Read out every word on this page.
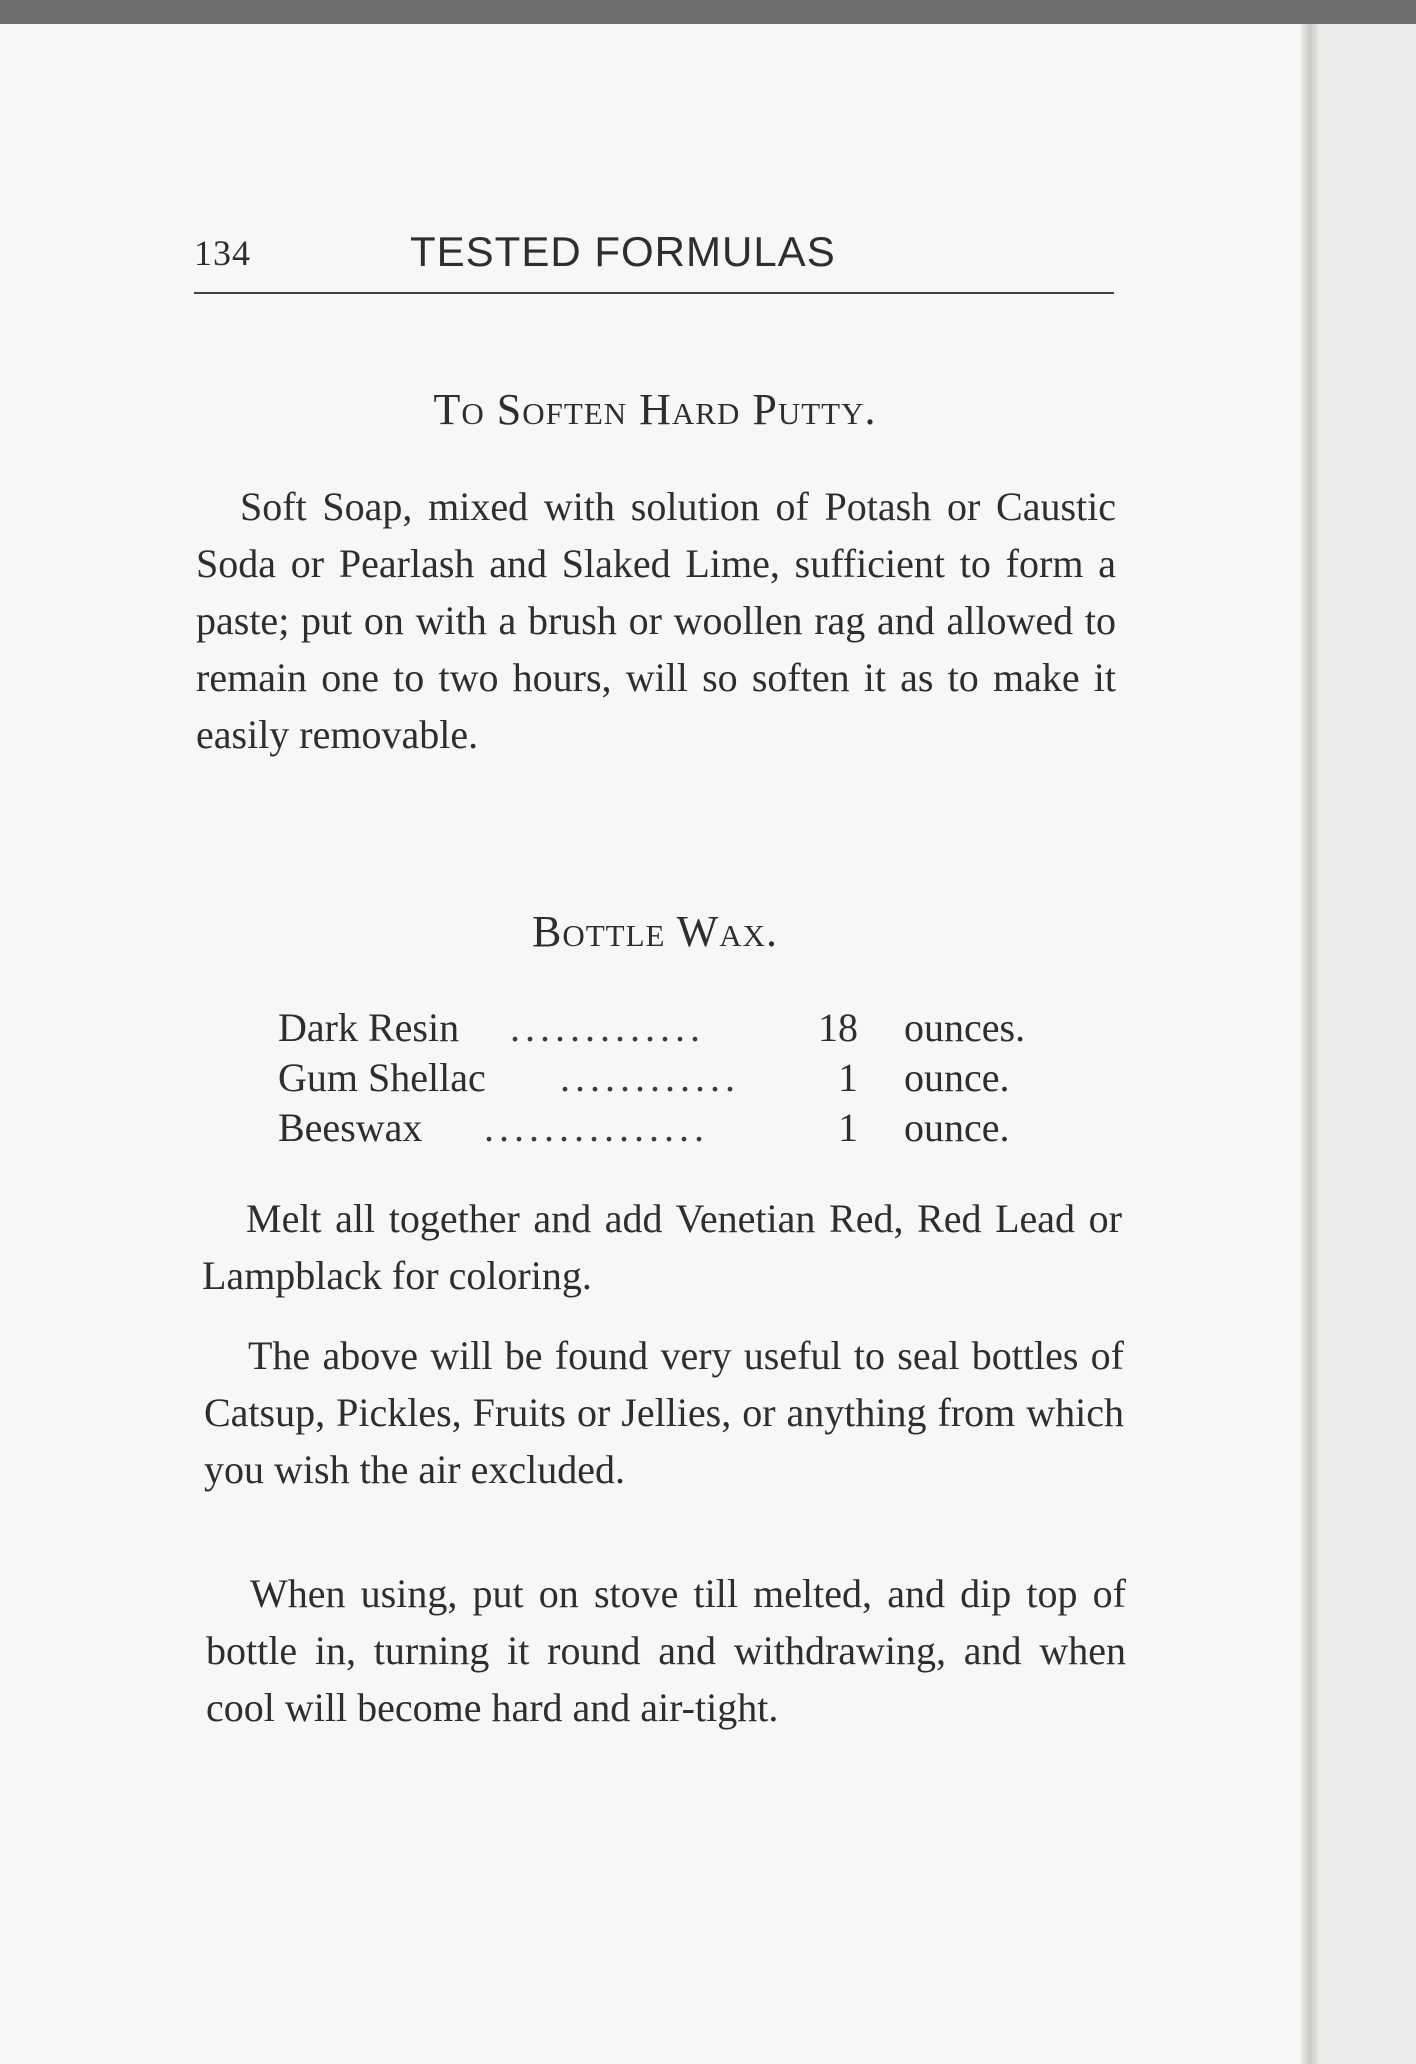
134	TESTED FORMULAS
To Soften Hard Putty.

Soft Soap, mixed with solution of Potash or Caustic Soda or Pearlash and Slaked Lime, sufficient to form a paste; put on with a brush or woollen rag and allowed to remain one to two hours, will so soften it as to make it easily removable.

Bottle Wax.
Dark Resin .............	18 ounces.
Gum Shellac ............	1 ounce.
Beeswax ...............	1 ounce.

Melt all together and add Venetian Red, Red Lead or Lampblack for coloring.

The above will be found very useful to seal bottles of Catsup, Pickles, Fruits or Jellies, or anything from which you wish the air excluded.

When using, put on stove till melted, and dip top of bottle in, turning it round and withdrawing, and when cool will become hard and air-tight.
